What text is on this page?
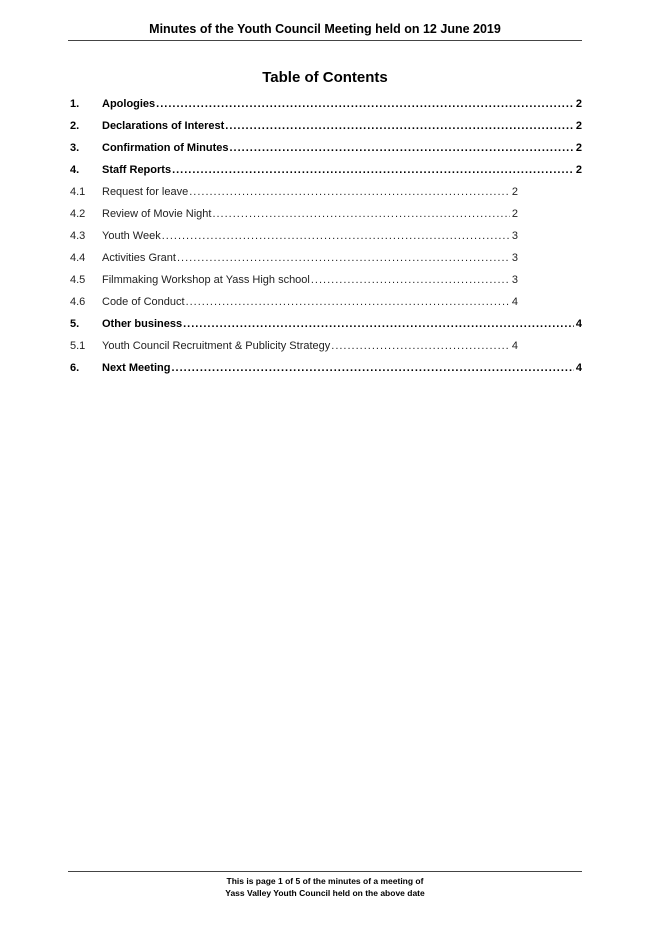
Minutes of the Youth Council Meeting held on 12 June 2019
Table of Contents
1. Apologies .....	2
2. Declarations of Interest .....	2
3. Confirmation of Minutes .....	2
4. Staff Reports .....	2
4.1 Request for leave .....	2
4.2 Review of Movie Night .....	2
4.3 Youth Week .....	3
4.4 Activities Grant .....	3
4.5 Filmmaking Workshop at Yass High school .....	3
4.6 Code of Conduct .....	4
5. Other business .....	4
5.1 Youth Council Recruitment & Publicity Strategy .....	4
6. Next Meeting .....	4
This is page 1 of 5 of the minutes of a meeting of
Yass Valley Youth Council held on the above date
